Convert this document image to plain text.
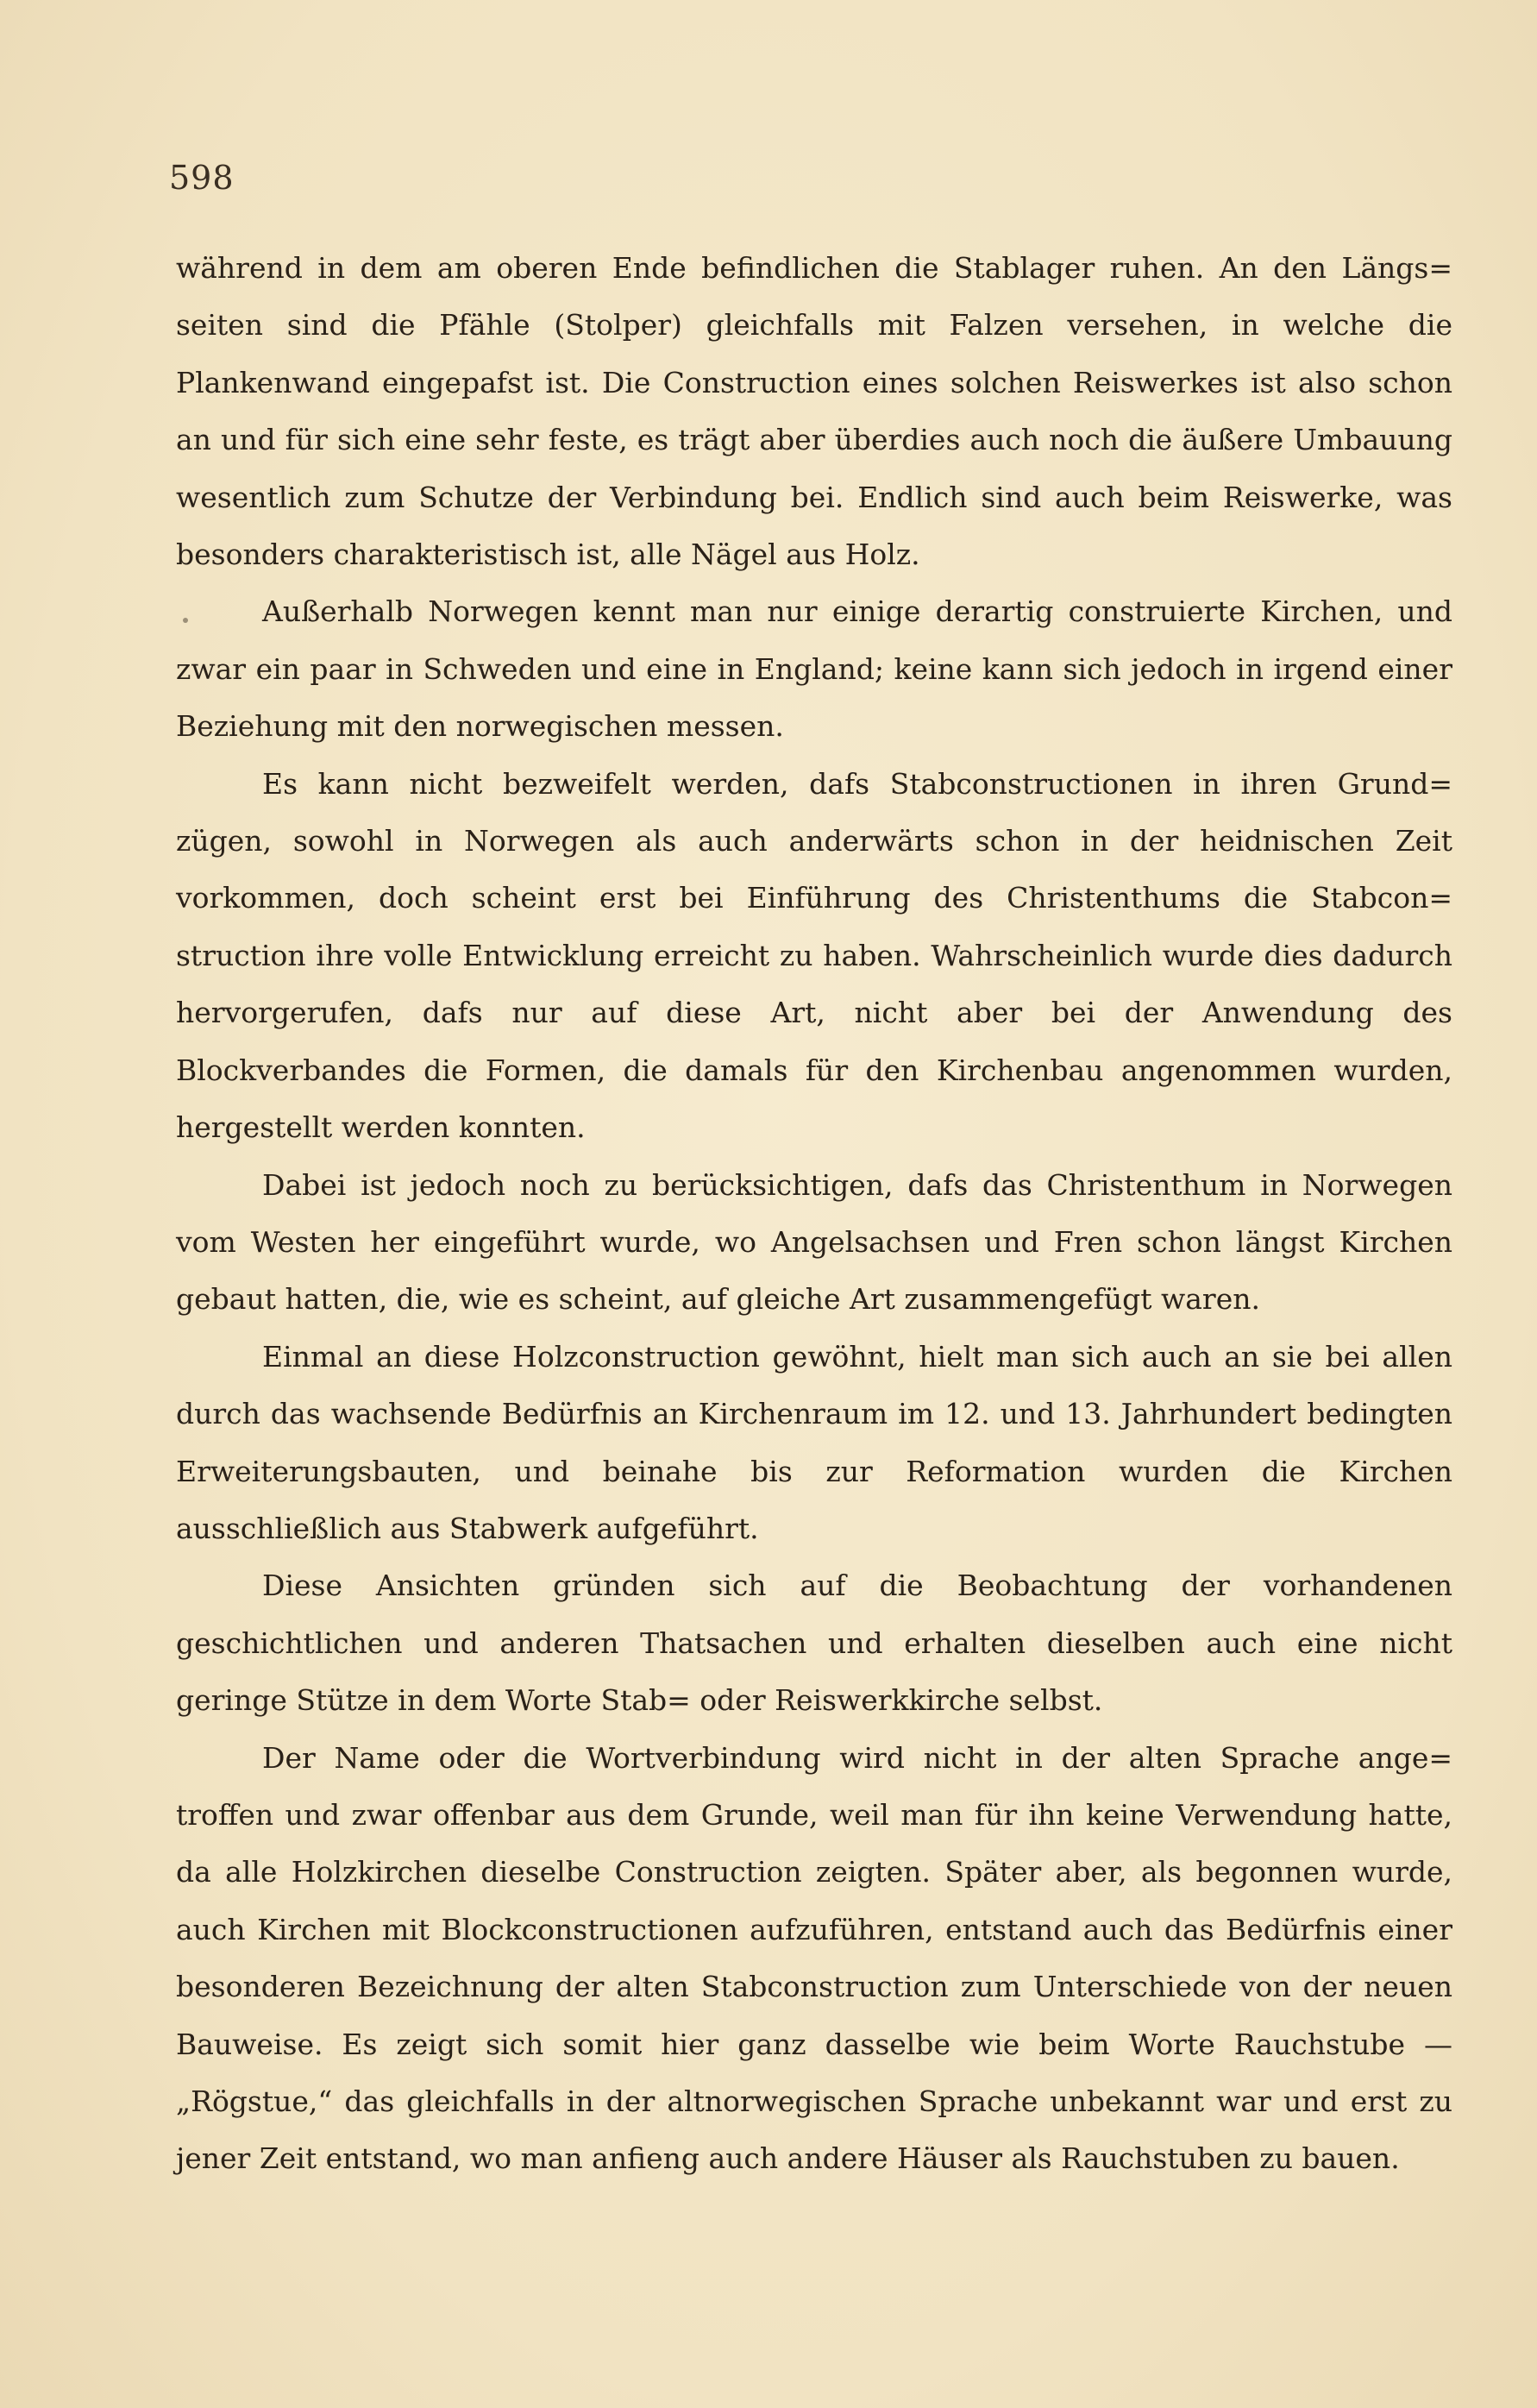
598

während in dem am oberen Ende befindlichen die Stablager ruhen. An den Längs= seiten sind die Pfähle (Stolper) gleichfalls mit Falzen versehen, in welche die Plankenwand eingepafst ist. Die Construction eines solchen Reiswerkes ist also schon an und für sich eine sehr feste, es trägt aber überdies auch noch die äußere Umbauung wesentlich zum Schutze der Verbindung bei. Endlich sind auch beim Reiswerke, was besonders charakteristisch ist, alle Nägel aus Holz.

Außerhalb Norwegen kennt man nur einige derartig construierte Kirchen, und zwar ein paar in Schweden und eine in England; keine kann sich jedoch in irgend einer Beziehung mit den norwegischen messen.

Es kann nicht bezweifelt werden, dafs Stabconstructionen in ihren Grund= zügen, sowohl in Norwegen als auch anderwärts schon in der heidnischen Zeit vorkommen, doch scheint erst bei Einführung des Christenthums die Stabcon= struction ihre volle Entwicklung erreicht zu haben. Wahrscheinlich wurde dies dadurch hervorgerufen, dafs nur auf diese Art, nicht aber bei der Anwendung des Blockverbandes die Formen, die damals für den Kirchenbau angenommen wurden, hergestellt werden konnten.

Dabei ist jedoch noch zu berücksichtigen, dafs das Christenthum in Norwegen vom Westen her eingeführt wurde, wo Angelsachsen und Fren schon längst Kirchen gebaut hatten, die, wie es scheint, auf gleiche Art zusammengefügt waren.

Einmal an diese Holzconstruction gewöhnt, hielt man sich auch an sie bei allen durch das wachsende Bedürfnis an Kirchenraum im 12. und 13. Jahrhundert bedingten Erweiterungsbauten, und beinahe bis zur Reformation wurden die Kirchen ausschließlich aus Stabwerk aufgeführt.

Diese Ansichten gründen sich auf die Beobachtung der vorhandenen geschichtlichen und anderen Thatsachen und erhalten dieselben auch eine nicht geringe Stütze in dem Worte Stab= oder Reiswerkkirche selbst.

Der Name oder die Wortverbindung wird nicht in der alten Sprache ange= troffen und zwar offenbar aus dem Grunde, weil man für ihn keine Verwendung hatte, da alle Holzkirchen dieselbe Construction zeigten. Später aber, als begonnen wurde, auch Kirchen mit Blockconstructionen aufzuführen, entstand auch das Bedürfnis einer besonderen Bezeichnung der alten Stabconstruction zum Unterschiede von der neuen Bauweise. Es zeigt sich somit hier ganz dasselbe wie beim Worte Rauchstube — „Rögstue,“ das gleichfalls in der altnorwegischen Sprache unbekannt war und erst zu jener Zeit entstand, wo man anfieng auch andere Häuser als Rauchstuben zu bauen.
